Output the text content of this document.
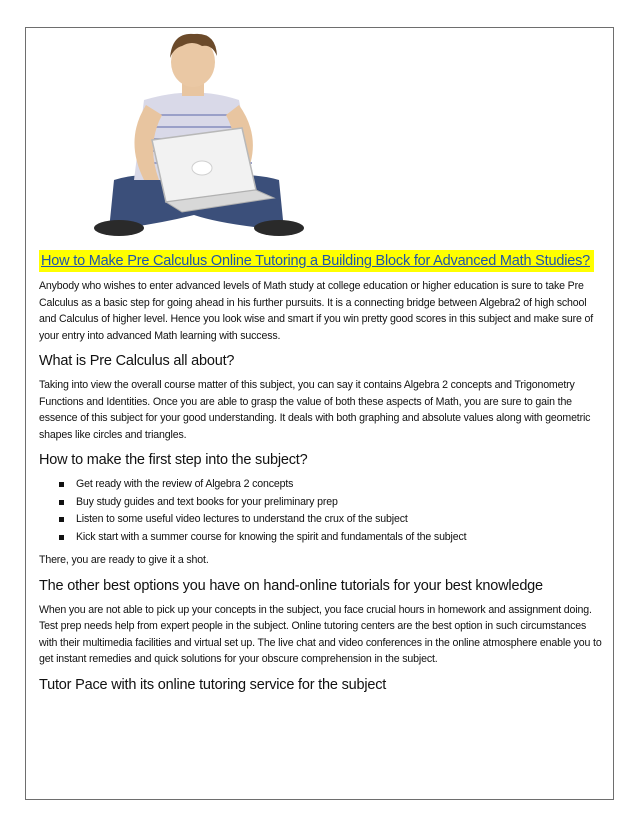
How to Make Pre Calculus Online Tutoring a Building Block for Advanced Math Studies?

Anybody who wishes to enter advanced levels of Math study at college education or higher education is sure to take Pre Calculus as a basic step for going ahead in his further pursuits. It is a connecting bridge between Algebra2 of high school and Calculus of higher level. Hence you look wise and smart if you win pretty good scores in this subject and make sure of your entry into advanced Math learning with success.

What is Pre Calculus all about?

Taking into view the overall course matter of this subject, you can say it contains Algebra 2 concepts and Trigonometry Functions and Identities. Once you are able to grasp the value of both these aspects of Math, you are sure to gain the essence of this subject for your good understanding. It deals with both graphing and absolute values along with geometric shapes like circles and triangles.

How to make the first step into the subject?
Get ready with the review of Algebra 2 concepts
Buy study guides and text books for your preliminary prep
Listen to some useful video lectures to understand the crux of the subject
Kick start with a summer course for knowing the spirit and fundamentals of the subject

There, you are ready to give it a shot.

The other best options you have on hand-online tutorials for your best knowledge

When you are not able to pick up your concepts in the subject, you face crucial hours in homework and assignment doing. Test prep needs help from expert people in the subject. Online tutoring centers are the best option in such circumstances with their multimedia facilities and virtual set up. The live chat and video conferences in the online atmosphere enable you to get instant remedies and quick solutions for your obscure comprehension in the subject.

Tutor Pace with its online tutoring service for the subject
